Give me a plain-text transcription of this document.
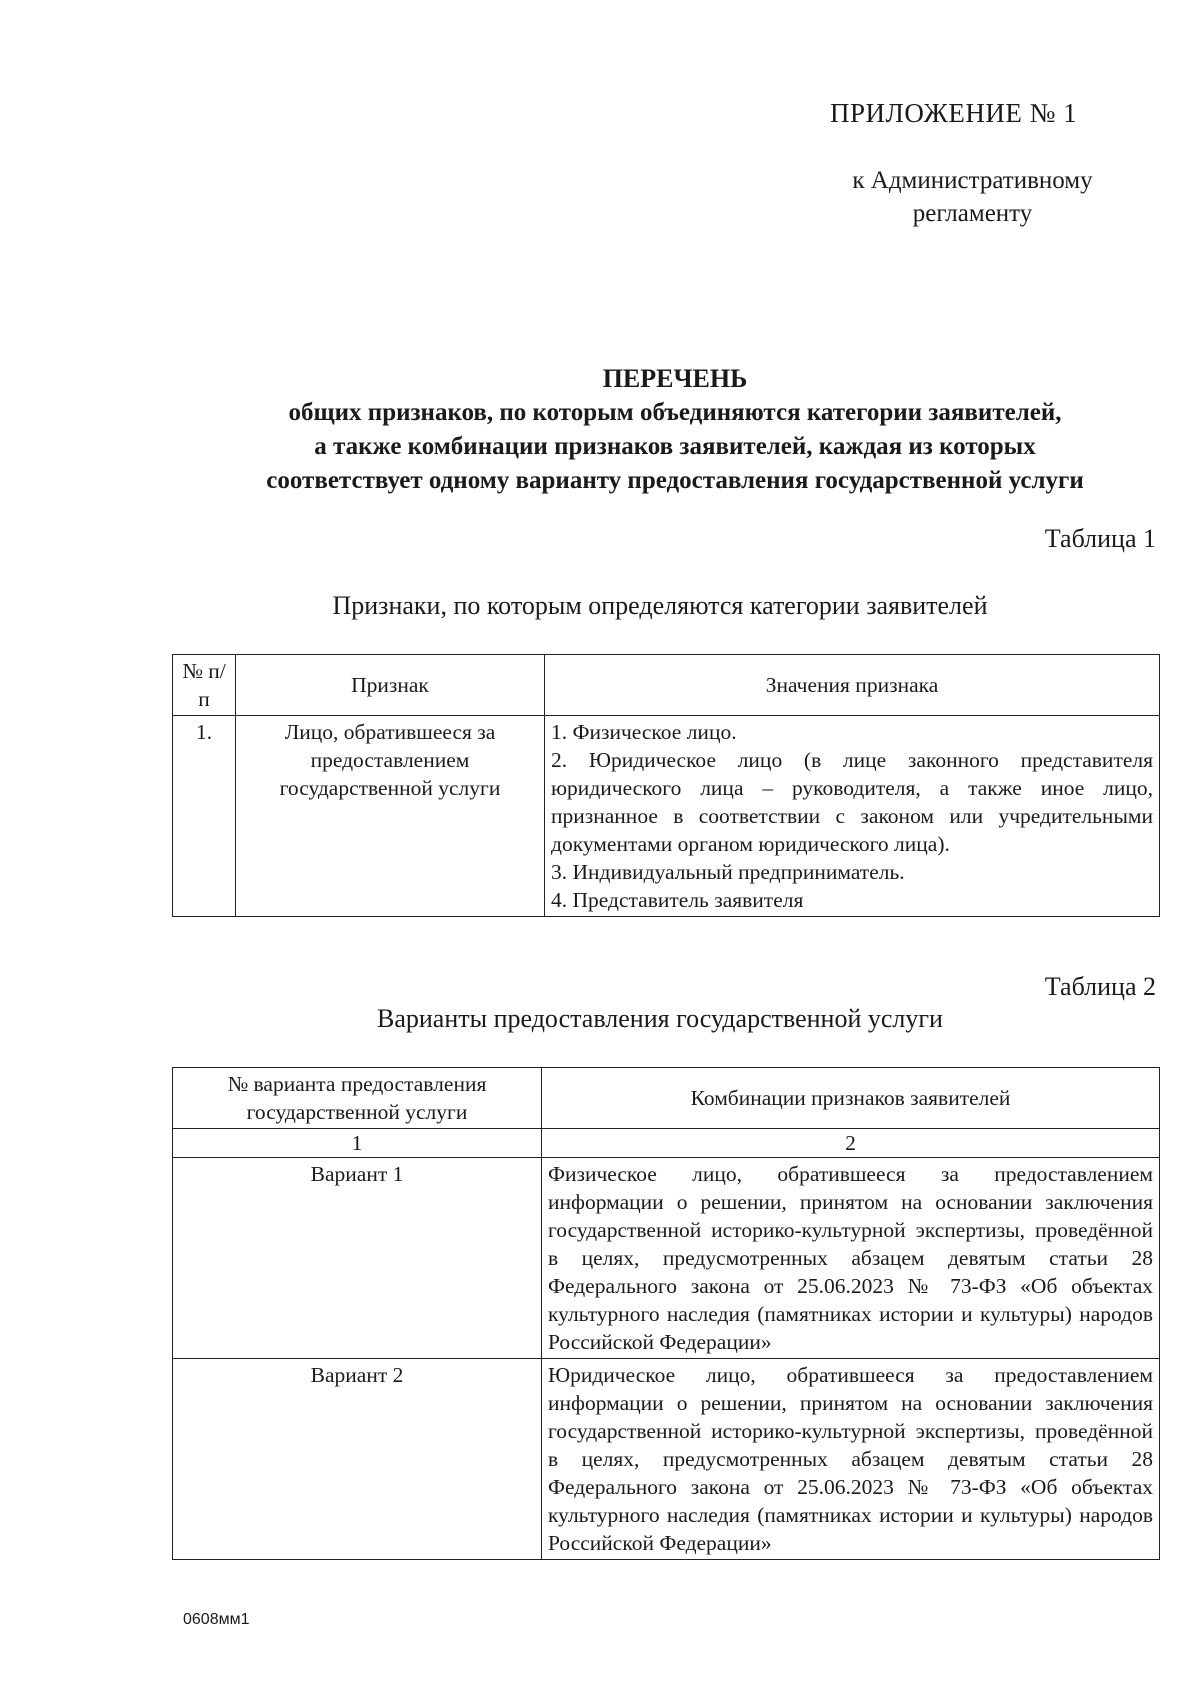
ПРИЛОЖЕНИЕ № 1
к Административному
регламенту
ПЕРЕЧЕНЬ
общих признаков, по которым объединяются категории заявителей,
а также комбинации признаков заявителей, каждая из которых
соответствует одному варианту предоставления государственной услуги
Таблица 1
Признаки, по которым определяются категории заявителей
№ п/п	Признак	Значения признака
1.	Лицо, обратившееся за предоставлением государственной услуги	1. Физическое лицо.
2. Юридическое лицо (в лице законного представителя юридического лица – руководителя, а также иное лицо, признанное в соответствии с законом или учредительными документами органом юридического лица).
3. Индивидуальный предприниматель.
4. Представитель заявителя
Таблица 2
Варианты предоставления государственной услуги
№ варианта предоставления государственной услуги	Комбинации признаков заявителей
1	2
Вариант 1	Физическое лицо, обратившееся за предоставлением информации о решении, принятом на основании заключения государственной историко-культурной экспертизы, проведённой в целях, предусмотренных абзацем девятым статьи 28 Федерального закона от 25.06.2023 № 73-ФЗ «Об объектах культурного наследия (памятниках истории и культуры) народов Российской Федерации»
Вариант 2	Юридическое лицо, обратившееся за предоставлением информации о решении, принятом на основании заключения государственной историко-культурной экспертизы, проведённой в целях, предусмотренных абзацем девятым статьи 28 Федерального закона от 25.06.2023 № 73-ФЗ «Об объектах культурного наследия (памятниках истории и культуры) народов Российской Федерации»
0608мм1
